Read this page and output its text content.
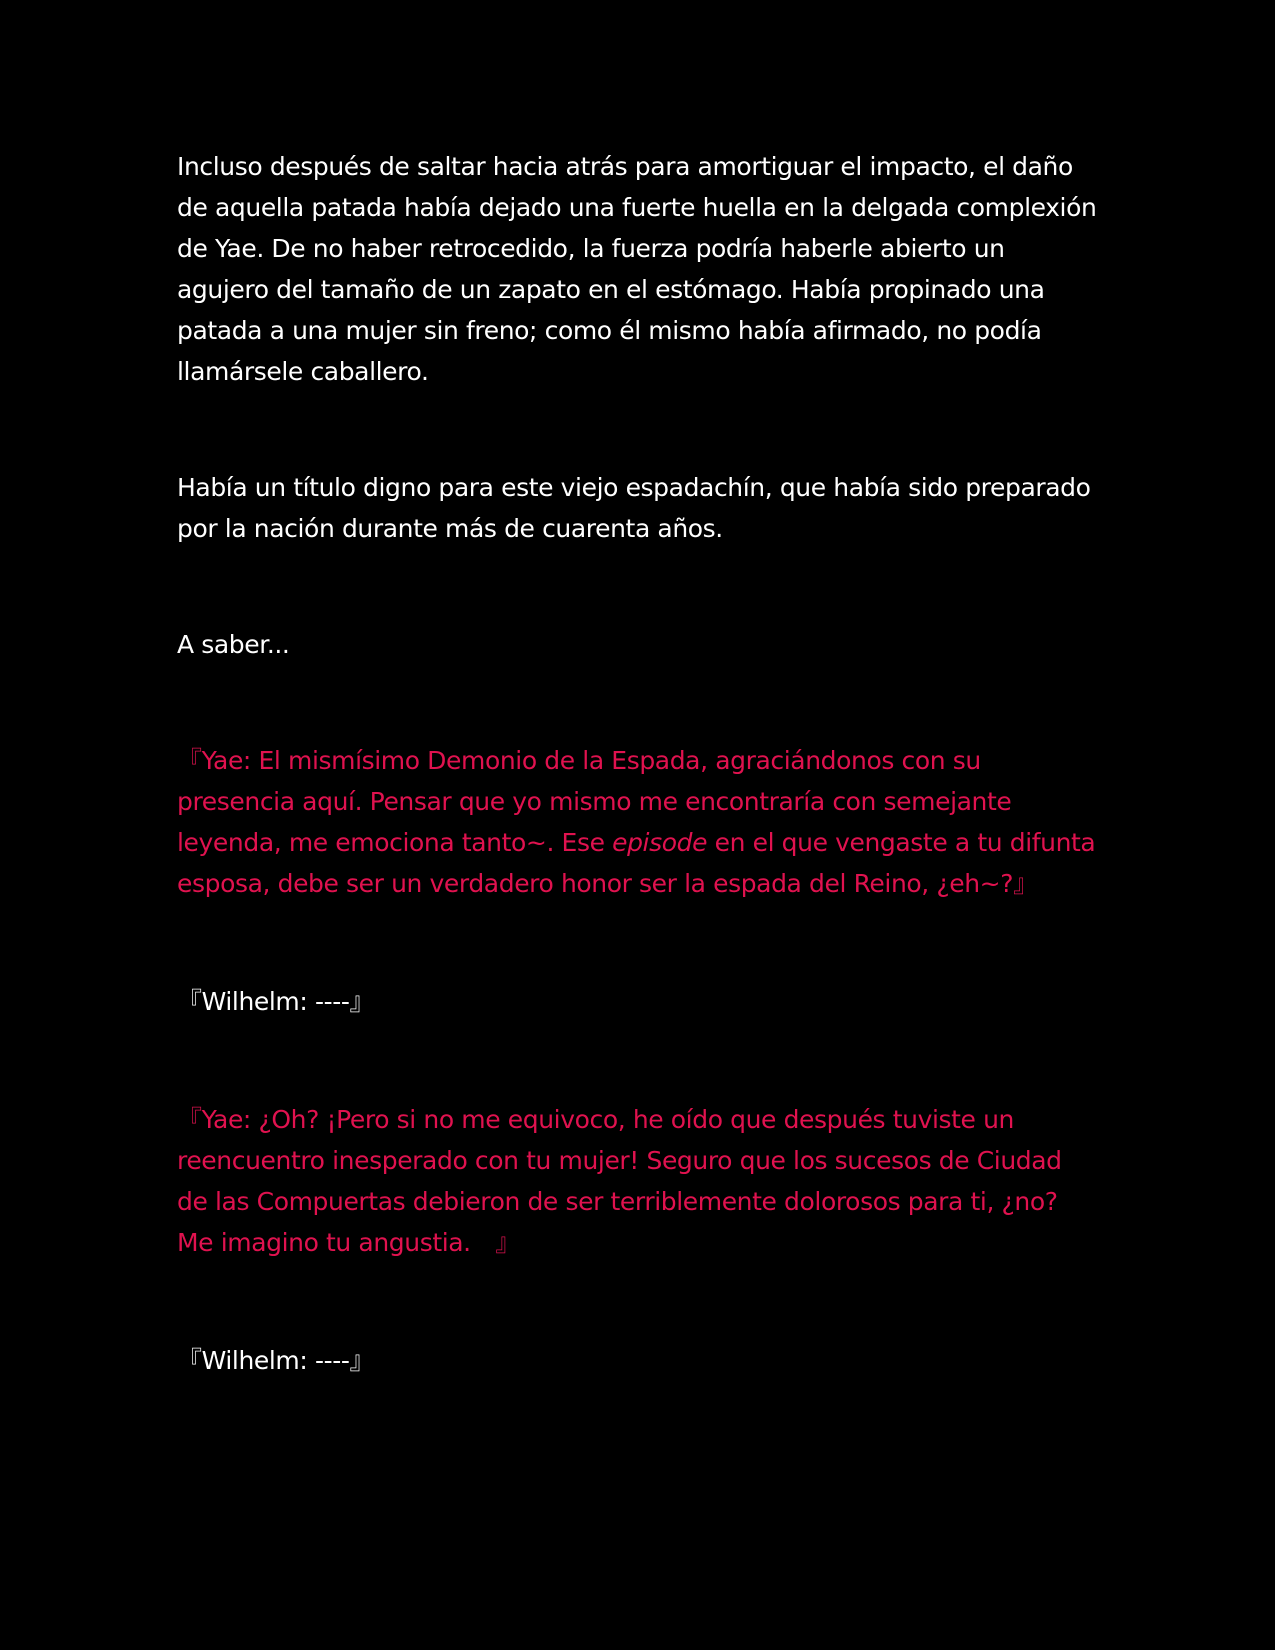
Incluso después de saltar hacia atrás para amortiguar el impacto, el daño de aquella patada había dejado una fuerte huella en la delgada complexión de Yae. De no haber retrocedido, la fuerza podría haberle abierto un agujero del tamaño de un zapato en el estómago. Había propinado una patada a una mujer sin freno; como él mismo había afirmado, no podía llamársele caballero.

Había un título digno para este viejo espadachín, que había sido preparado por la nación durante más de cuarenta años.

A saber...

『Yae: El mismísimo Demonio de la Espada, agraciándonos con su presencia aquí. Pensar que yo mismo me encontraría con semejante leyenda, me emociona tanto~. Ese episode en el que vengaste a tu difunta esposa, debe ser un verdadero honor ser la espada del Reino, ¿eh~?』

『Wilhelm: ----』

『Yae: ¿Oh? ¡Pero si no me equivoco, he oído que después tuviste un reencuentro inesperado con tu mujer! Seguro que los sucesos de Ciudad de las Compuertas debieron de ser terriblemente dolorosos para ti, ¿no? Me imagino tu angustia.　』

『Wilhelm: ----』
